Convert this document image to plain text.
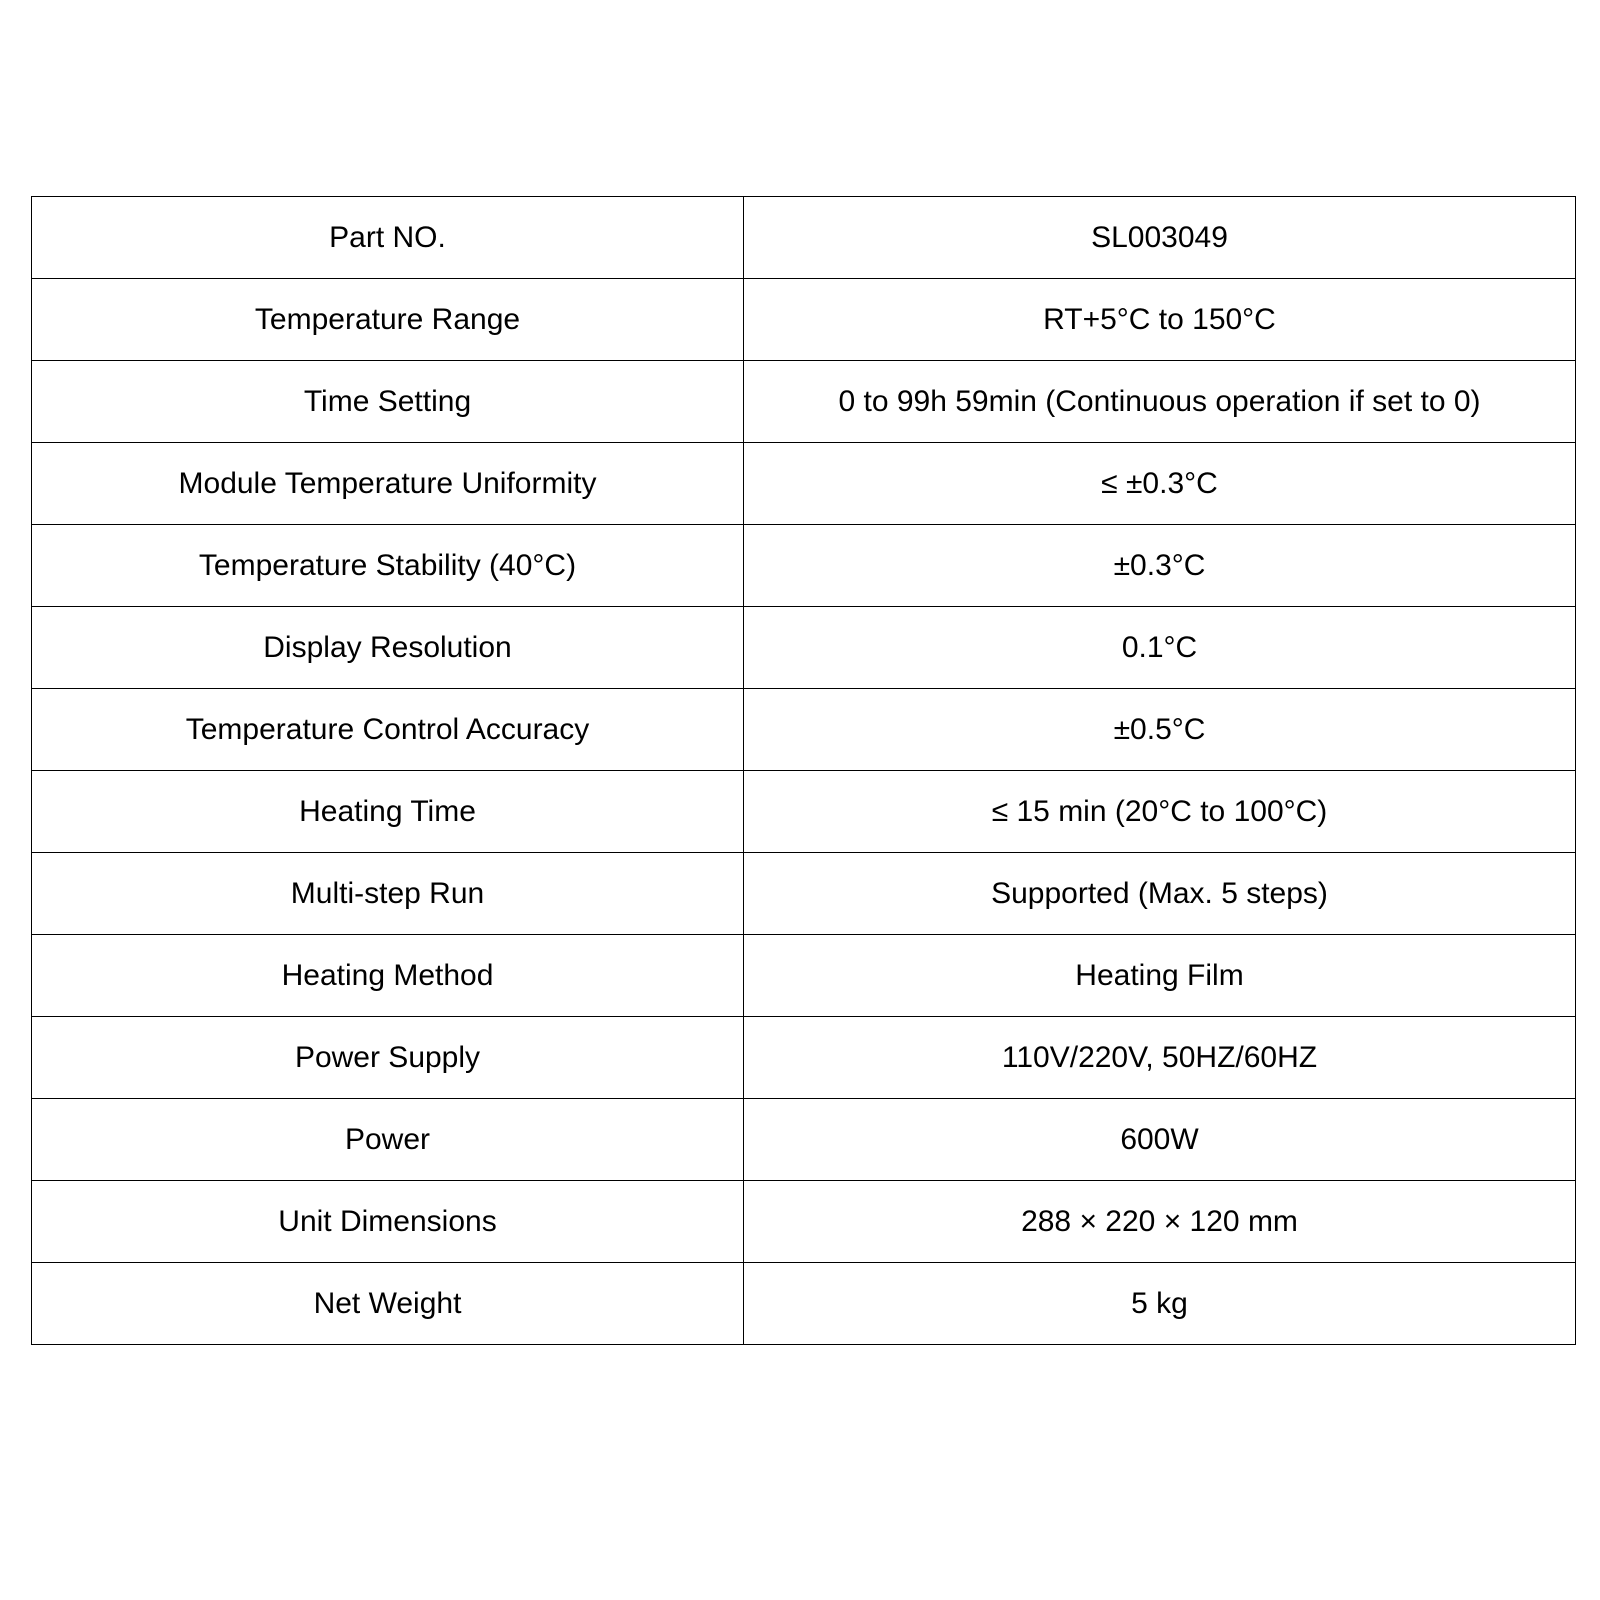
Part NO.	SL003049
Temperature Range	RT+5°C to 150°C
Time Setting	0 to 99h 59min (Continuous operation if set to 0)
Module Temperature Uniformity	≤ ±0.3°C
Temperature Stability (40°C)	±0.3°C
Display Resolution	0.1°C
Temperature Control Accuracy	±0.5°C
Heating Time	≤ 15 min (20°C to 100°C)
Multi-step Run	Supported (Max. 5 steps)
Heating Method	Heating Film
Power Supply	110V/220V, 50HZ/60HZ
Power	600W
Unit Dimensions	288 × 220 × 120 mm
Net Weight	5 kg
